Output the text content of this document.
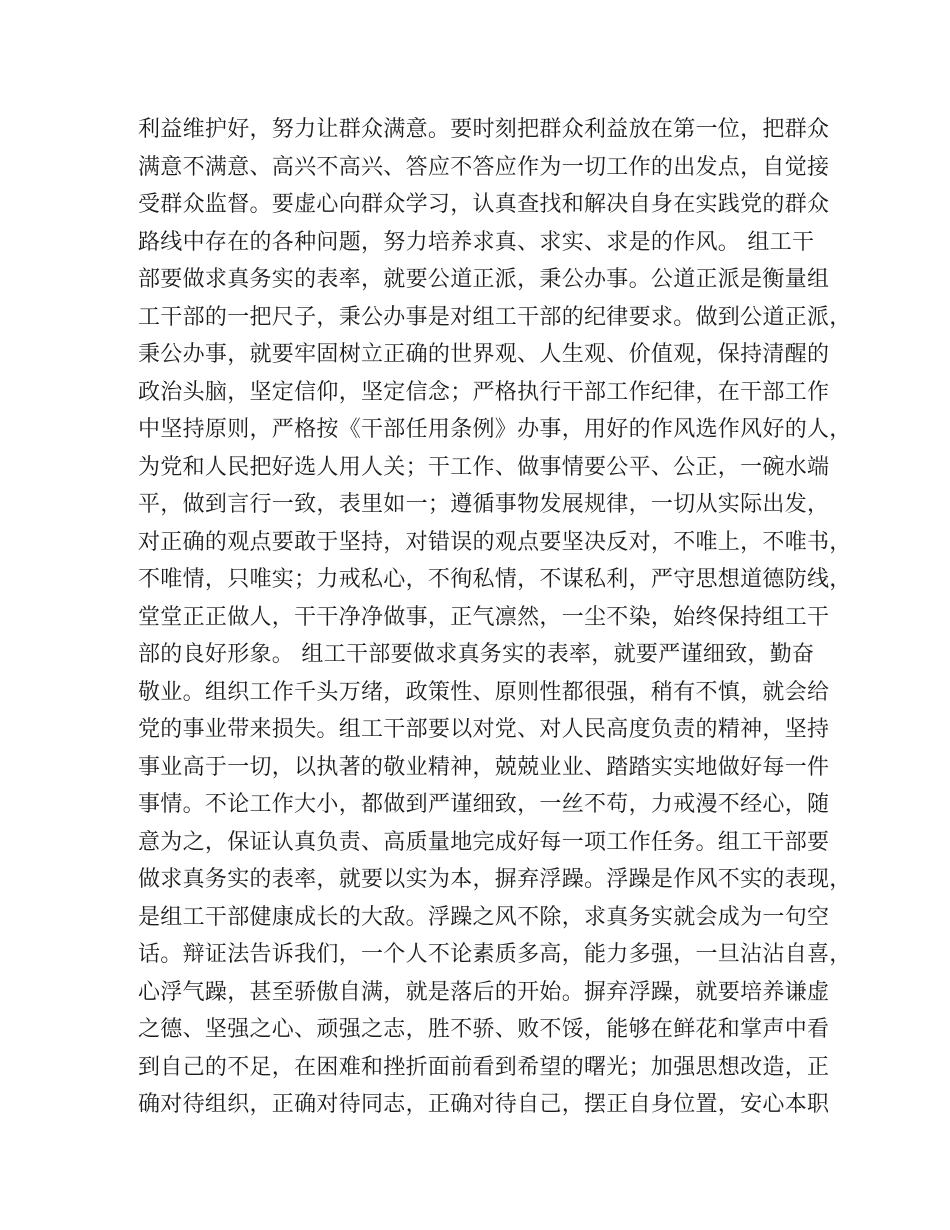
利益维护好，努力让群众满意。要时刻把群众利益放在第一位，把群众
满意不满意、高兴不高兴、答应不答应作为一切工作的出发点，自觉接
受群众监督。要虚心向群众学习，认真查找和解决自身在实践党的群众
路线中存在的各种问题，努力培养求真、求实、求是的作风。 组工干
部要做求真务实的表率，就要公道正派，秉公办事。公道正派是衡量组
工干部的一把尺子，秉公办事是对组工干部的纪律要求。做到公道正派，
秉公办事，就要牢固树立正确的世界观、人生观、价值观，保持清醒的
政治头脑，坚定信仰，坚定信念；严格执行干部工作纪律，在干部工作
中坚持原则，严格按《干部任用条例》办事，用好的作风选作风好的人，
为党和人民把好选人用人关；干工作、做事情要公平、公正，一碗水端
平，做到言行一致，表里如一；遵循事物发展规律，一切从实际出发，
对正确的观点要敢于坚持，对错误的观点要坚决反对，不唯上，不唯书，
不唯情，只唯实；力戒私心，不徇私情，不谋私利，严守思想道德防线，
堂堂正正做人，干干净净做事，正气凛然，一尘不染，始终保持组工干
部的良好形象。 组工干部要做求真务实的表率，就要严谨细致，勤奋
敬业。组织工作千头万绪，政策性、原则性都很强，稍有不慎，就会给
党的事业带来损失。组工干部要以对党、对人民高度负责的精神，坚持
事业高于一切，以执著的敬业精神，兢兢业业、踏踏实实地做好每一件
事情。不论工作大小，都做到严谨细致，一丝不苟，力戒漫不经心，随
意为之，保证认真负责、高质量地完成好每一项工作任务。组工干部要
做求真务实的表率，就要以实为本，摒弃浮躁。浮躁是作风不实的表现，
是组工干部健康成长的大敌。浮躁之风不除，求真务实就会成为一句空
话。辩证法告诉我们，一个人不论素质多高，能力多强，一旦沾沾自喜，
心浮气躁，甚至骄傲自满，就是落后的开始。摒弃浮躁，就要培养谦虚
之德、坚强之心、顽强之志，胜不骄、败不馁，能够在鲜花和掌声中看
到自己的不足，在困难和挫折面前看到希望的曙光；加强思想改造，正
确对待组织，正确对待同志，正确对待自己，摆正自身位置，安心本职
